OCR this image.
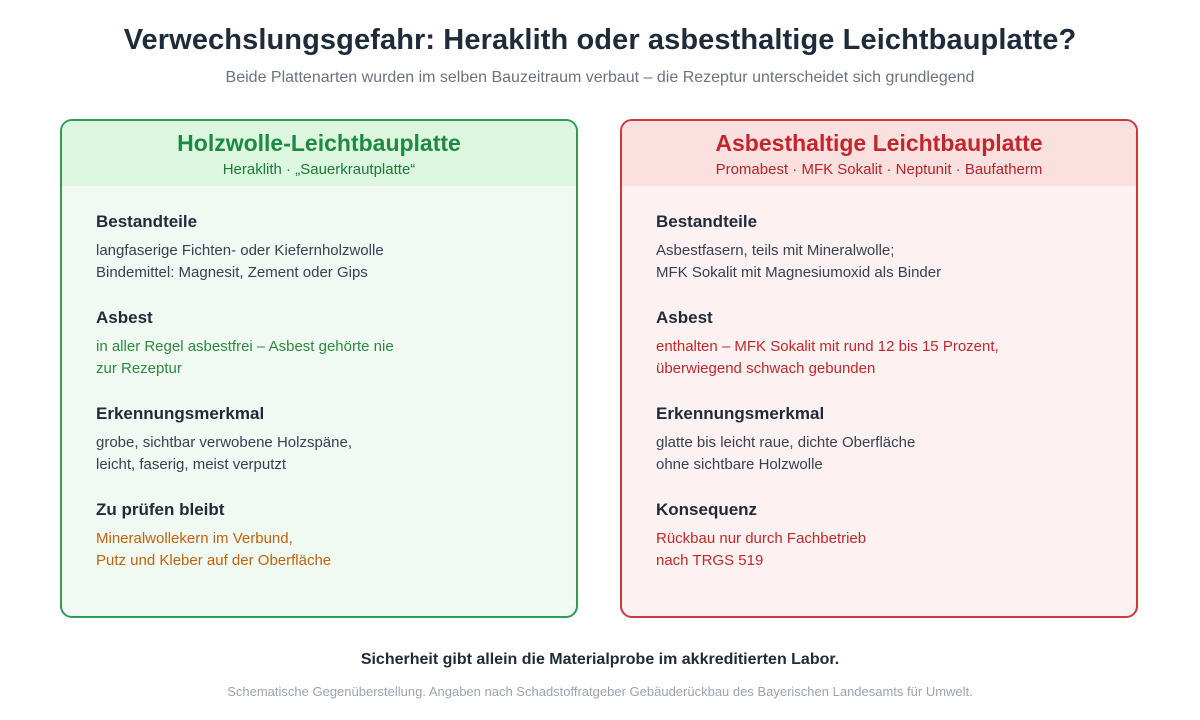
Verwechslungsgefahr: Heraklith oder asbesthaltige Leichtbauplatte?
Beide Plattenarten wurden im selben Bauzeitraum verbaut – die Rezeptur unterscheidet sich grundlegend
Holzwolle-Leichtbauplatte
Heraklith · „Sauerkrautplatte“
Bestandteile
langfaserige Fichten- oder Kiefernholzwolle
Bindemittel: Magnesit, Zement oder Gips
Asbest
in aller Regel asbestfrei – Asbest gehörte nie
zur Rezeptur
Erkennungsmerkmal
grobe, sichtbar verwobene Holzspäne,
leicht, faserig, meist verputzt
Zu prüfen bleibt
Mineralwollekern im Verbund,
Putz und Kleber auf der Oberfläche
Asbesthaltige Leichtbauplatte
Promabest · MFK Sokalit · Neptunit · Baufatherm
Bestandteile
Asbestfasern, teils mit Mineralwolle;
MFK Sokalit mit Magnesiumoxid als Binder
Asbest
enthalten – MFK Sokalit mit rund 12 bis 15 Prozent,
überwiegend schwach gebunden
Erkennungsmerkmal
glatte bis leicht raue, dichte Oberfläche
ohne sichtbare Holzwolle
Konsequenz
Rückbau nur durch Fachbetrieb
nach TRGS 519
Sicherheit gibt allein die Materialprobe im akkreditierten Labor.
Schematische Gegenüberstellung. Angaben nach Schadstoffratgeber Gebäuderückbau des Bayerischen Landesamts für Umwelt.
